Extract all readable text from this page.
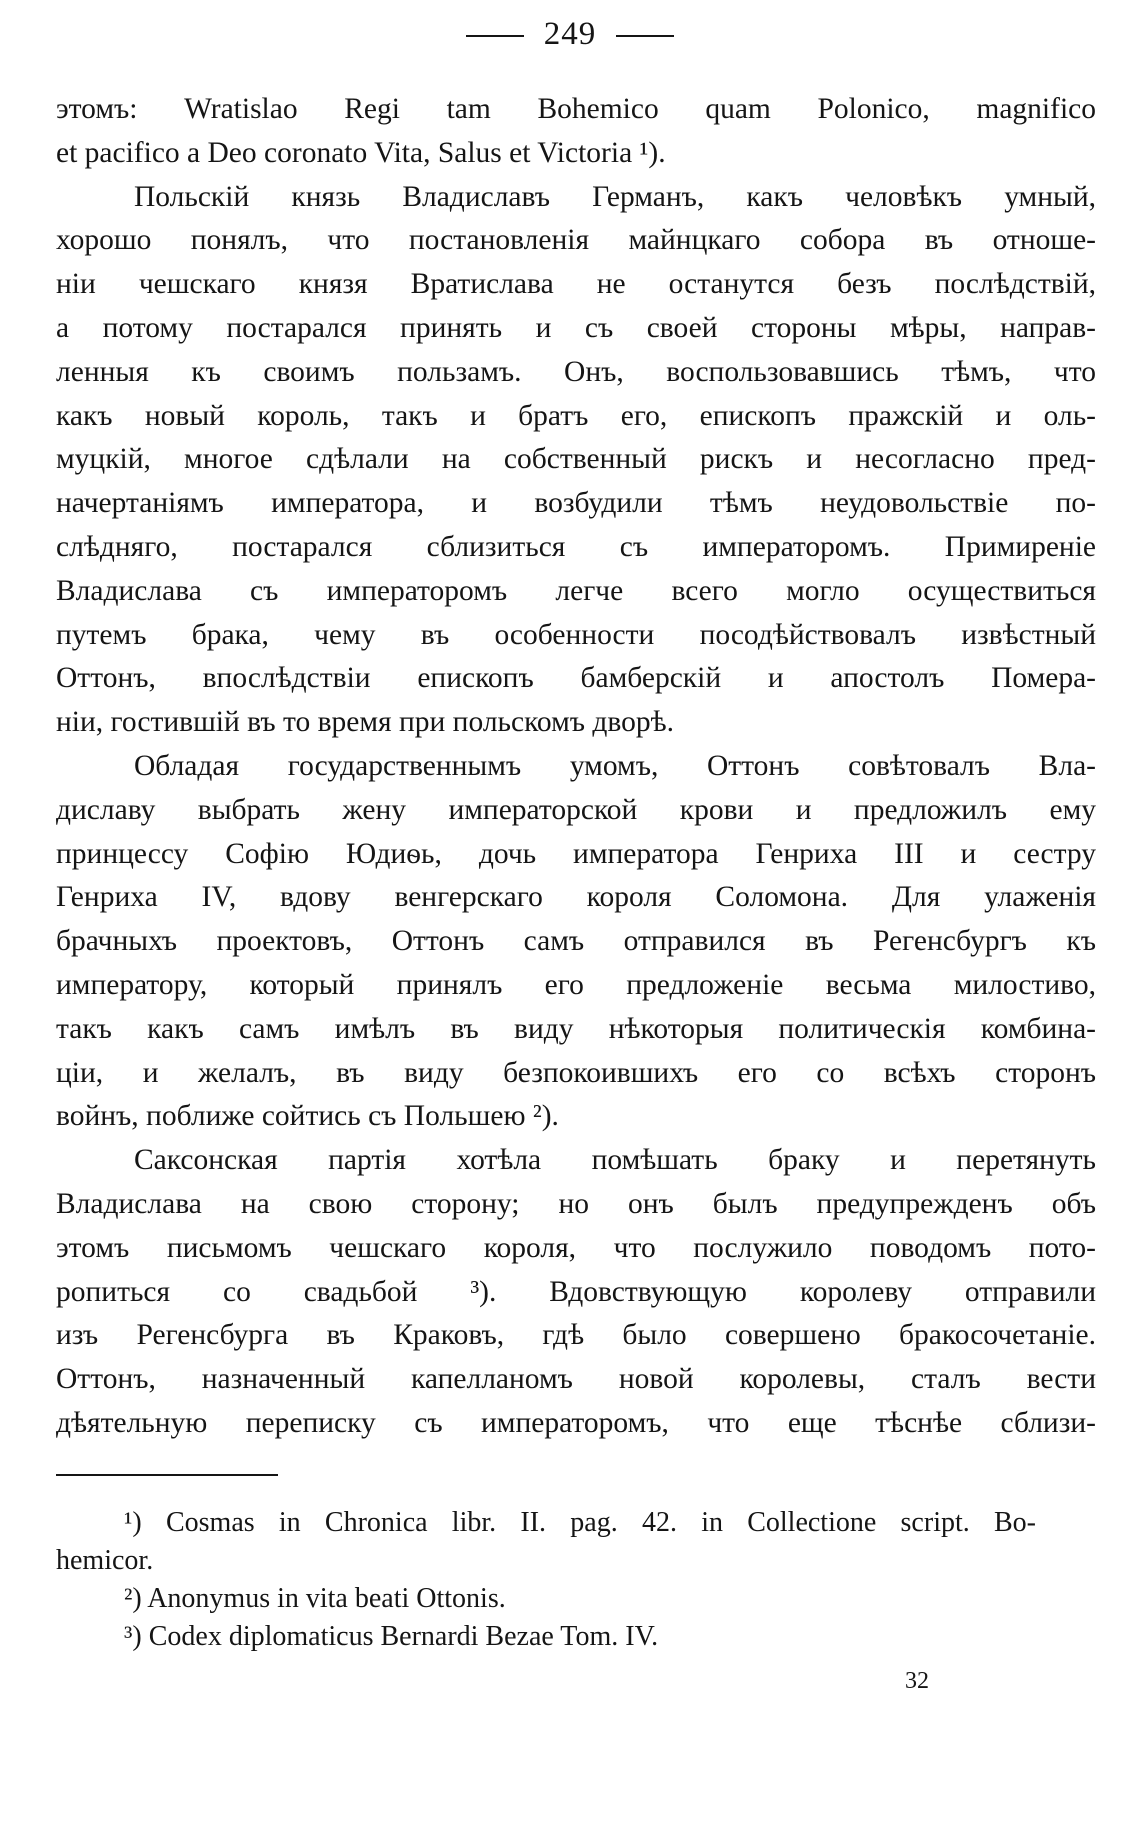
249
этомъ: Wratislao Regi tam Bohemico quam Polonico, magnifico
et pacifico a Deo coronato Vita, Salus et Victoria ¹).
Польскій князь Владиславъ Германъ, какъ человѣкъ умный,
хорошо понялъ, что постановленія майнцкаго собора въ отноше-
ніи чешскаго князя Вратислава не останутся безъ послѣдствій,
а потому постарался принять и съ своей стороны мѣры, направ-
ленныя къ своимъ пользамъ. Онъ, воспользовавшись тѣмъ, что
какъ новый король, такъ и братъ его, епископъ пражскій и оль-
муцкій, многое сдѣлали на собственный рискъ и несогласно пред-
начертаніямъ императора, и возбудили тѣмъ неудовольствіе по-
слѣдняго, постарался сблизиться съ императоромъ. Примиреніе
Владислава съ императоромъ легче всего могло осуществиться
путемъ брака, чему въ особенности посодѣйствовалъ извѣстный
Оттонъ, впослѣдствіи епископъ бамберскій и апостолъ Помера-
ніи, гостившій въ то время при польскомъ дворѣ.
Обладая государственнымъ умомъ, Оттонъ совѣтовалъ Вла-
диславу выбрать жену императорской крови и предложилъ ему
принцессу Софію Юдиѳь, дочь императора Генриха III и сестру
Генриха IV, вдову венгерскаго короля Соломона. Для улаженія
брачныхъ проектовъ, Оттонъ самъ отправился въ Регенсбургъ къ
императору, который принялъ его предложеніе весьма милостиво,
такъ какъ самъ имѣлъ въ виду нѣкоторыя политическія комбина-
ціи, и желалъ, въ виду безпокоившихъ его со всѣхъ сторонъ
войнъ, поближе сойтись съ Польшею ²).
Саксонская партія хотѣла помѣшать браку и перетянуть
Владислава на свою сторону; но онъ былъ предупрежденъ объ
этомъ письмомъ чешскаго короля, что послужило поводомъ пото-
ропиться со свадьбой ³). Вдовствующую королеву отправили
изъ Регенсбурга въ Краковъ, гдѣ было совершено бракосочетаніе.
Оттонъ, назначенный капелланомъ новой королевы, сталъ вести
дѣятельную переписку съ императоромъ, что еще тѣснѣе сблизи-
¹) Cosmas in Chronica libr. II. pag. 42. in Collectione script. Bo-
hemicor.
²) Anonymus in vita beati Ottonis.
³) Codex diplomaticus Bernardi Bezae Tom. IV.
32
